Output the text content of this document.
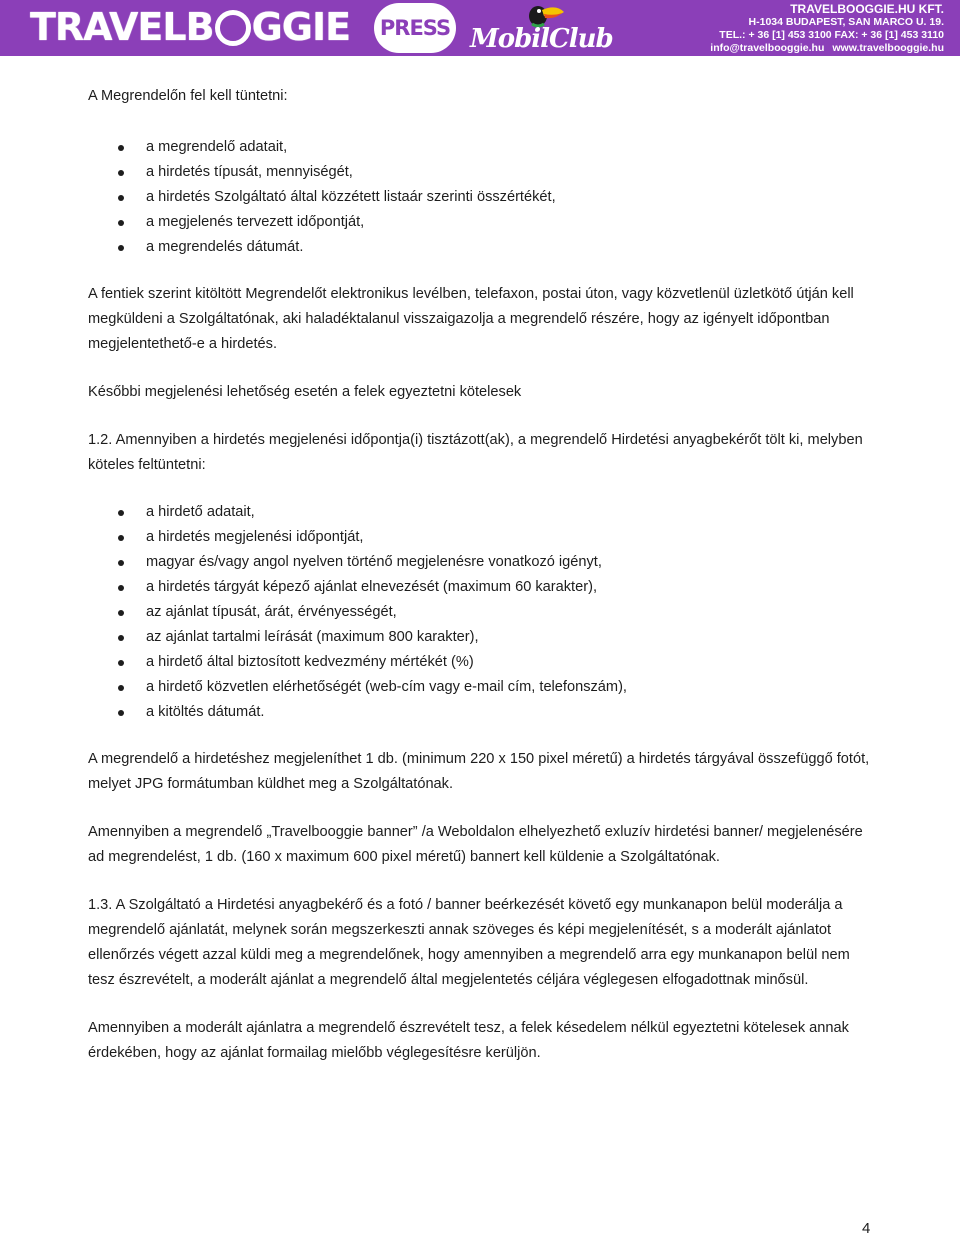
TRAVELB GGIE PRESS MobilClub
TRAVELBOOGGIE.HU KFT.
H-1034 BUDAPEST, SAN MARCO U. 19.
TEL.: + 36 [1] 453 3100 FAX: + 36 [1] 453 3110
info@travelbooggie.hu www.travelbooggie.hu

A Megrendelőn fel kell tüntetni:

a megrendelő adatait,
a hirdetés típusát, mennyiségét,
a hirdetés Szolgáltató által közzétett listaár szerinti összértékét,
a megjelenés tervezett időpontját,
a megrendelés dátumát.

A fentiek szerint kitöltött Megrendelőt elektronikus levélben, telefaxon, postai úton, vagy közvetlenül üzletkötő útján kell megküldeni a Szolgáltatónak, aki haladéktalanul visszaigazolja a megrendelő részére, hogy az igényelt időpontban megjelentethető-e a hirdetés.

Későbbi megjelenési lehetőség esetén a felek egyeztetni kötelesek

1.2. Amennyiben a hirdetés megjelenési időpontja(i) tisztázott(ak), a megrendelő Hirdetési anyagbekérőt tölt ki, melyben köteles feltüntetni:

a hirdető adatait,
a hirdetés megjelenési időpontját,
magyar és/vagy angol nyelven történő megjelenésre vonatkozó igényt,
a hirdetés tárgyát képező ajánlat elnevezését (maximum 60 karakter),
az ajánlat típusát, árát, érvényességét,
az ajánlat tartalmi leírását (maximum 800 karakter),
a hirdető által biztosított kedvezmény mértékét (%)
a hirdető közvetlen elérhetőségét (web-cím vagy e-mail cím, telefonszám),
a kitöltés dátumát.

A megrendelő a hirdetéshez megjeleníthet 1 db. (minimum 220 x 150 pixel méretű) a hirdetés tárgyával összefüggő fotót, melyet JPG formátumban küldhet meg a Szolgáltatónak.

Amennyiben a megrendelő „Travelbooggie banner” /a Weboldalon elhelyezhető exluzív hirdetési banner/ megjelenésére ad megrendelést, 1 db. (160 x maximum 600 pixel méretű) bannert kell küldenie a Szolgáltatónak.

1.3. A Szolgáltató a Hirdetési anyagbekérő és a fotó / banner beérkezését követő egy munkanapon belül moderálja a megrendelő ajánlatát, melynek során megszerkeszti annak szöveges és képi megjelenítését, s a moderált ajánlatot ellenőrzés végett azzal küldi meg a megrendelőnek, hogy amennyiben a megrendelő arra egy munkanapon belül nem tesz észrevételt, a moderált ajánlat a megrendelő által megjelentetés céljára véglegesen elfogadottnak minősül.

Amennyiben a moderált ajánlatra a megrendelő észrevételt tesz, a felek késedelem nélkül egyeztetni kötelesek annak érdekében, hogy az ajánlat formailag mielőbb véglegesítésre kerüljön.

4
